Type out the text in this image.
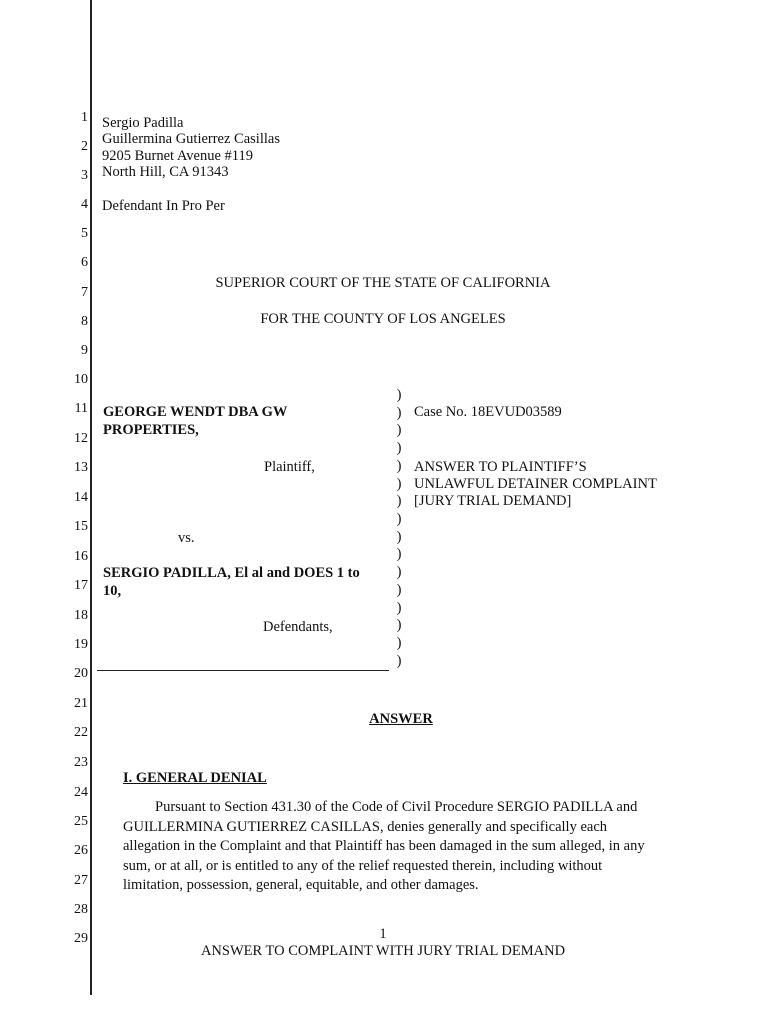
1
2
3
4
5
6
7
8
9
10
11
12
13
14
15
16
17
18
19
20
21
22
23
24
25
26
27
28
29
Sergio Padilla
Guillermina Gutierrez Casillas
9205 Burnet Avenue #119
North Hill, CA 91343
Defendant In Pro Per
SUPERIOR COURT OF THE STATE OF CALIFORNIA
FOR THE COUNTY OF LOS ANGELES
GEORGE WENDT DBA GW
PROPERTIES,
Plaintiff,
vs.
SERGIO PADILLA, El al and DOES 1 to
10,
Defendants,
)
)
)
)
)
)
)
)
)
)
)
)
)
)
)
)
Case No. 18EVUD03589
ANSWER TO PLAINTIFF’S
UNLAWFUL DETAINER COMPLAINT
[JURY TRIAL DEMAND]
ANSWER
I. GENERAL DENIAL
Pursuant to Section 431.30 of the Code of Civil Procedure SERGIO PADILLA and
GUILLERMINA GUTIERREZ CASILLAS, denies generally and specifically each
allegation in the Complaint and that Plaintiff has been damaged in the sum alleged, in any
sum, or at all, or is entitled to any of the relief requested therein, including without
limitation, possession, general, equitable, and other damages.
1
ANSWER TO COMPLAINT WITH JURY TRIAL DEMAND
